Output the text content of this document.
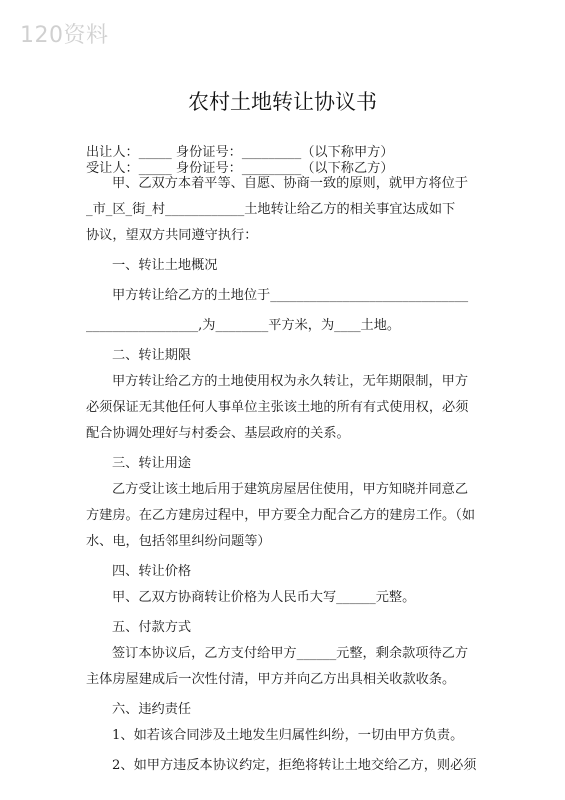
120资料
农村土地转让协议书
出让人：_____ 身份证号：_________（以下称甲方）
受让人：_____ 身份证号：_________（以下称乙方）

甲、乙双方本着平等、自愿、协商一致的原则，就甲方将位于

_市_区_街_村____________土地转让给乙方的相关事宜达成如下

协议，望双方共同遵守执行：

一、转让土地概况

甲方转让给乙方的土地位于______________________________

_________________,为________平方米，为____土地。

二、转让期限

甲方转让给乙方的土地使用权为永久转让，无年期限制，甲方

必须保证无其他任何人事单位主张该土地的所有有式使用权，必须

配合协调处理好与村委会、基层政府的关系。

三、转让用途

乙方受让该土地后用于建筑房屋居住使用，甲方知晓并同意乙

方建房。在乙方建房过程中，甲方要全力配合乙方的建房工作。（如

水、电，包括邻里纠纷问题等）

四、转让价格

甲、乙双方协商转让价格为人民币大写______元整。

五、付款方式

签订本协议后，乙方支付给甲方______元整，剩余款项待乙方

主体房屋建成后一次性付清，甲方并向乙方出具相关收款收条。

六、违约责任

1、如若该合同涉及土地发生归属性纠纷，一切由甲方负责。

2、如甲方违反本协议约定，拒绝将转让土地交给乙方，则必须
